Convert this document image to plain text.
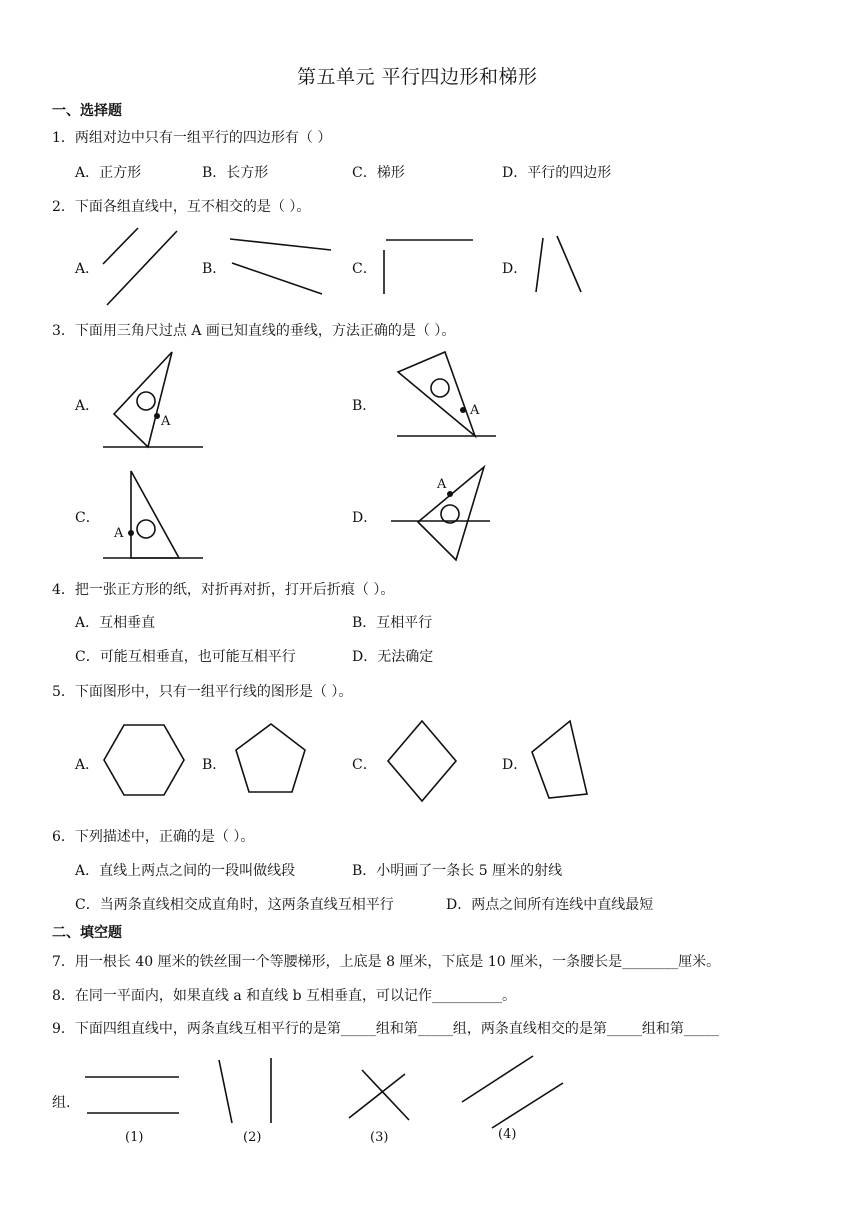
第五单元 平行四边形和梯形
一、选择题
1．两组对边中只有一组平行的四边形有（ ）
A．正方形	B．长方形	C．梯形	D．平行的四边形
2．下面各组直线中，互不相交的是（ ）。
A．	B．	C．	D．
3．下面用三角尺过点 A 画已知直线的垂线，方法正确的是（ ）。
A．	B．
C．	D．
A
A
A
A
4．把一张正方形的纸，对折再对折，打开后折痕（ ）。
A．互相垂直	B．互相平行
C．可能互相垂直，也可能互相平行	D．无法确定
5．下面图形中，只有一组平行线的图形是（ ）。
A．	B．	C．	D．
6．下列描述中，正确的是（ ）。
A．直线上两点之间的一段叫做线段	B．小明画了一条长 5 厘米的射线
C．当两条直线相交成直角时，这两条直线互相平行	D．两点之间所有连线中直线最短
二、填空题
7．用一根长 40 厘米的铁丝围一个等腰梯形，上底是 8 厘米，下底是 10 厘米，一条腰长是________厘米。
8．在同一平面内，如果直线 a 和直线 b 互相垂直，可以记作__________。
9．下面四组直线中，两条直线互相平行的是第_____组和第_____组，两条直线相交的是第_____组和第_____
组.
(1)	(2)	(3)	(4)
